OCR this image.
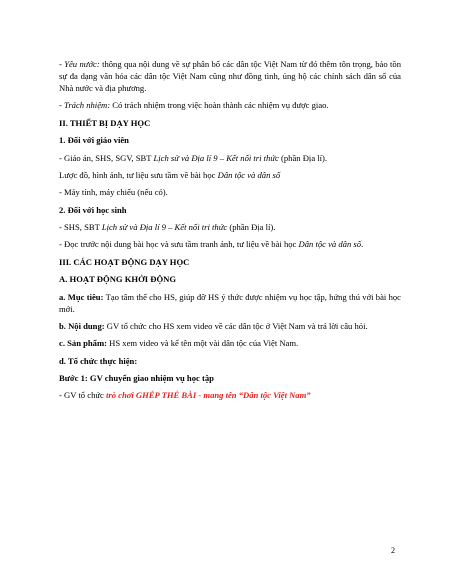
- Yêu nước: thông qua nội dung về sự phân bố các dân tộc Việt Nam từ đó thêm tôn trọng, bảo tồn sự đa dạng văn hóa các dân tộc Việt Nam cũng như đồng tình, ủng hộ các chính sách dân số của Nhà nước và địa phương.

- Trách nhiệm: Có trách nhiệm trong việc hoàn thành các nhiệm vụ được giao.

II. THIẾT BỊ DẠY HỌC

1. Đối với giáo viên

- Giáo án, SHS, SGV, SBT Lịch sử và Địa lí 9 – Kết nối tri thức (phần Địa lí).

Lược đồ, hình ảnh, tư liệu sưu tầm về bài học Dân tộc và dân số

- Máy tính, máy chiếu (nếu có).

2. Đối với học sinh

- SHS, SBT Lịch sử và Địa lí 9 – Kết nối tri thức (phần Địa lí).

- Đọc trước nội dung bài học và sưu tầm tranh ảnh, tư liệu về bài học Dân tộc và dân số.

III. CÁC HOẠT ĐỘNG DẠY HỌC

A. HOẠT ĐỘNG KHỞI ĐỘNG

a. Mục tiêu: Tạo tâm thế cho HS, giúp đỡ HS ý thức được nhiệm vụ học tập, hứng thú với bài học mới.

b. Nội dung: GV tổ chức cho HS xem video về các dân tộc ở Việt Nam và trả lời câu hỏi.

c. Sản phẩm: HS xem video và kể tên một vài dân tộc của Việt Nam.

d. Tổ chức thực hiện:

Bước 1: GV chuyển giao nhiệm vụ học tập

- GV tổ chức trò chơi GHÉP THẺ BÀI - mang tên “Dân tộc Việt Nam”

2
